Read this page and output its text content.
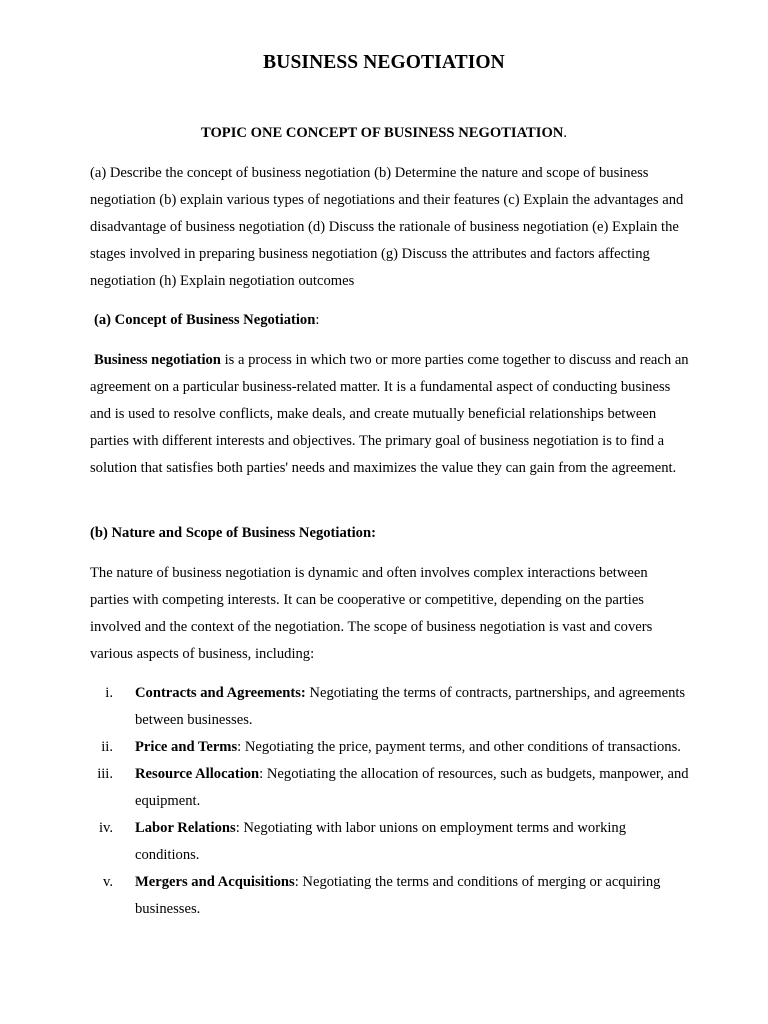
BUSINESS NEGOTIATION
TOPIC ONE CONCEPT OF BUSINESS NEGOTIATION.

(a) Describe the concept of business negotiation (b) Determine the nature and scope of business negotiation (b) explain various types of negotiations and their features (c) Explain the advantages and disadvantage of business negotiation (d) Discuss the rationale of business negotiation (e) Explain the stages involved in preparing business negotiation (g) Discuss the attributes and factors affecting negotiation (h) Explain negotiation outcomes

(a) Concept of Business Negotiation:

Business negotiation is a process in which two or more parties come together to discuss and reach an agreement on a particular business-related matter. It is a fundamental aspect of conducting business and is used to resolve conflicts, make deals, and create mutually beneficial relationships between parties with different interests and objectives. The primary goal of business negotiation is to find a solution that satisfies both parties' needs and maximizes the value they can gain from the agreement.

(b) Nature and Scope of Business Negotiation:

The nature of business negotiation is dynamic and often involves complex interactions between parties with competing interests. It can be cooperative or competitive, depending on the parties involved and the context of the negotiation. The scope of business negotiation is vast and covers various aspects of business, including:

i. Contracts and Agreements: Negotiating the terms of contracts, partnerships, and agreements between businesses.
ii. Price and Terms: Negotiating the price, payment terms, and other conditions of transactions.
iii. Resource Allocation: Negotiating the allocation of resources, such as budgets, manpower, and equipment.
iv. Labor Relations: Negotiating with labor unions on employment terms and working conditions.
v. Mergers and Acquisitions: Negotiating the terms and conditions of merging or acquiring businesses.
